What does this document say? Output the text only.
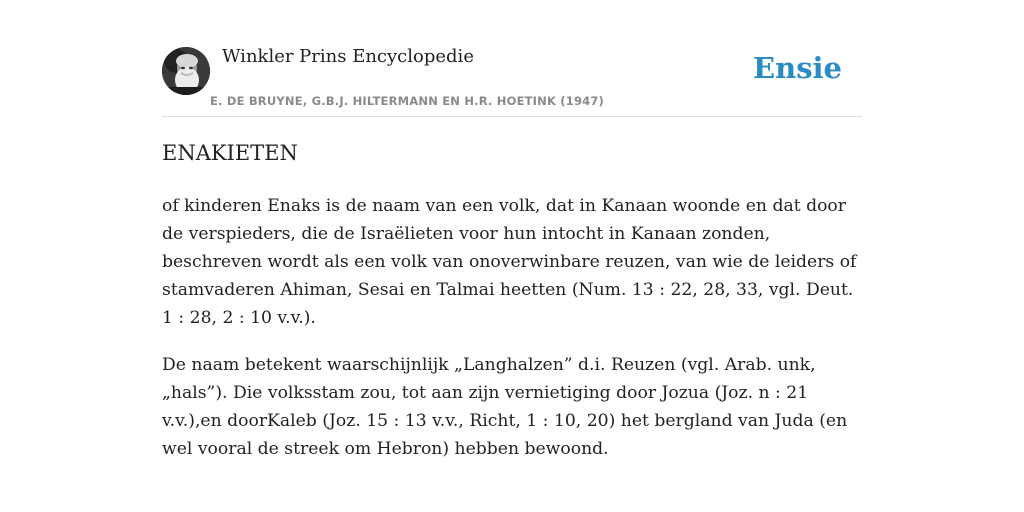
Winkler Prins Encyclopedie
E. DE BRUYNE, G.B.J. HILTERMANN EN H.R. HOETINK (1947)
Ensie
ENAKIETEN

of kinderen Enaks is de naam van een volk, dat in Kanaan woonde en dat door de verspieders, die de Israëlieten voor hun intocht in Kanaan zonden, beschreven wordt als een volk van onoverwinbare reuzen, van wie de leiders of stamvaderen Ahiman, Sesai en Talmai heetten (Num. 13 : 22, 28, 33, vgl. Deut. 1 : 28, 2 : 10 v.v.).

De naam betekent waarschijnlijk „Langhalzen” d.i. Reuzen (vgl. Arab. unk, „hals”). Die volksstam zou, tot aan zijn vernietiging door Jozua (Joz. n : 21 v.v.),en doorKaleb (Joz. 15 : 13 v.v., Richt, 1 : 10, 20) het bergland van Juda (en wel vooral de streek om Hebron) hebben bewoond.
